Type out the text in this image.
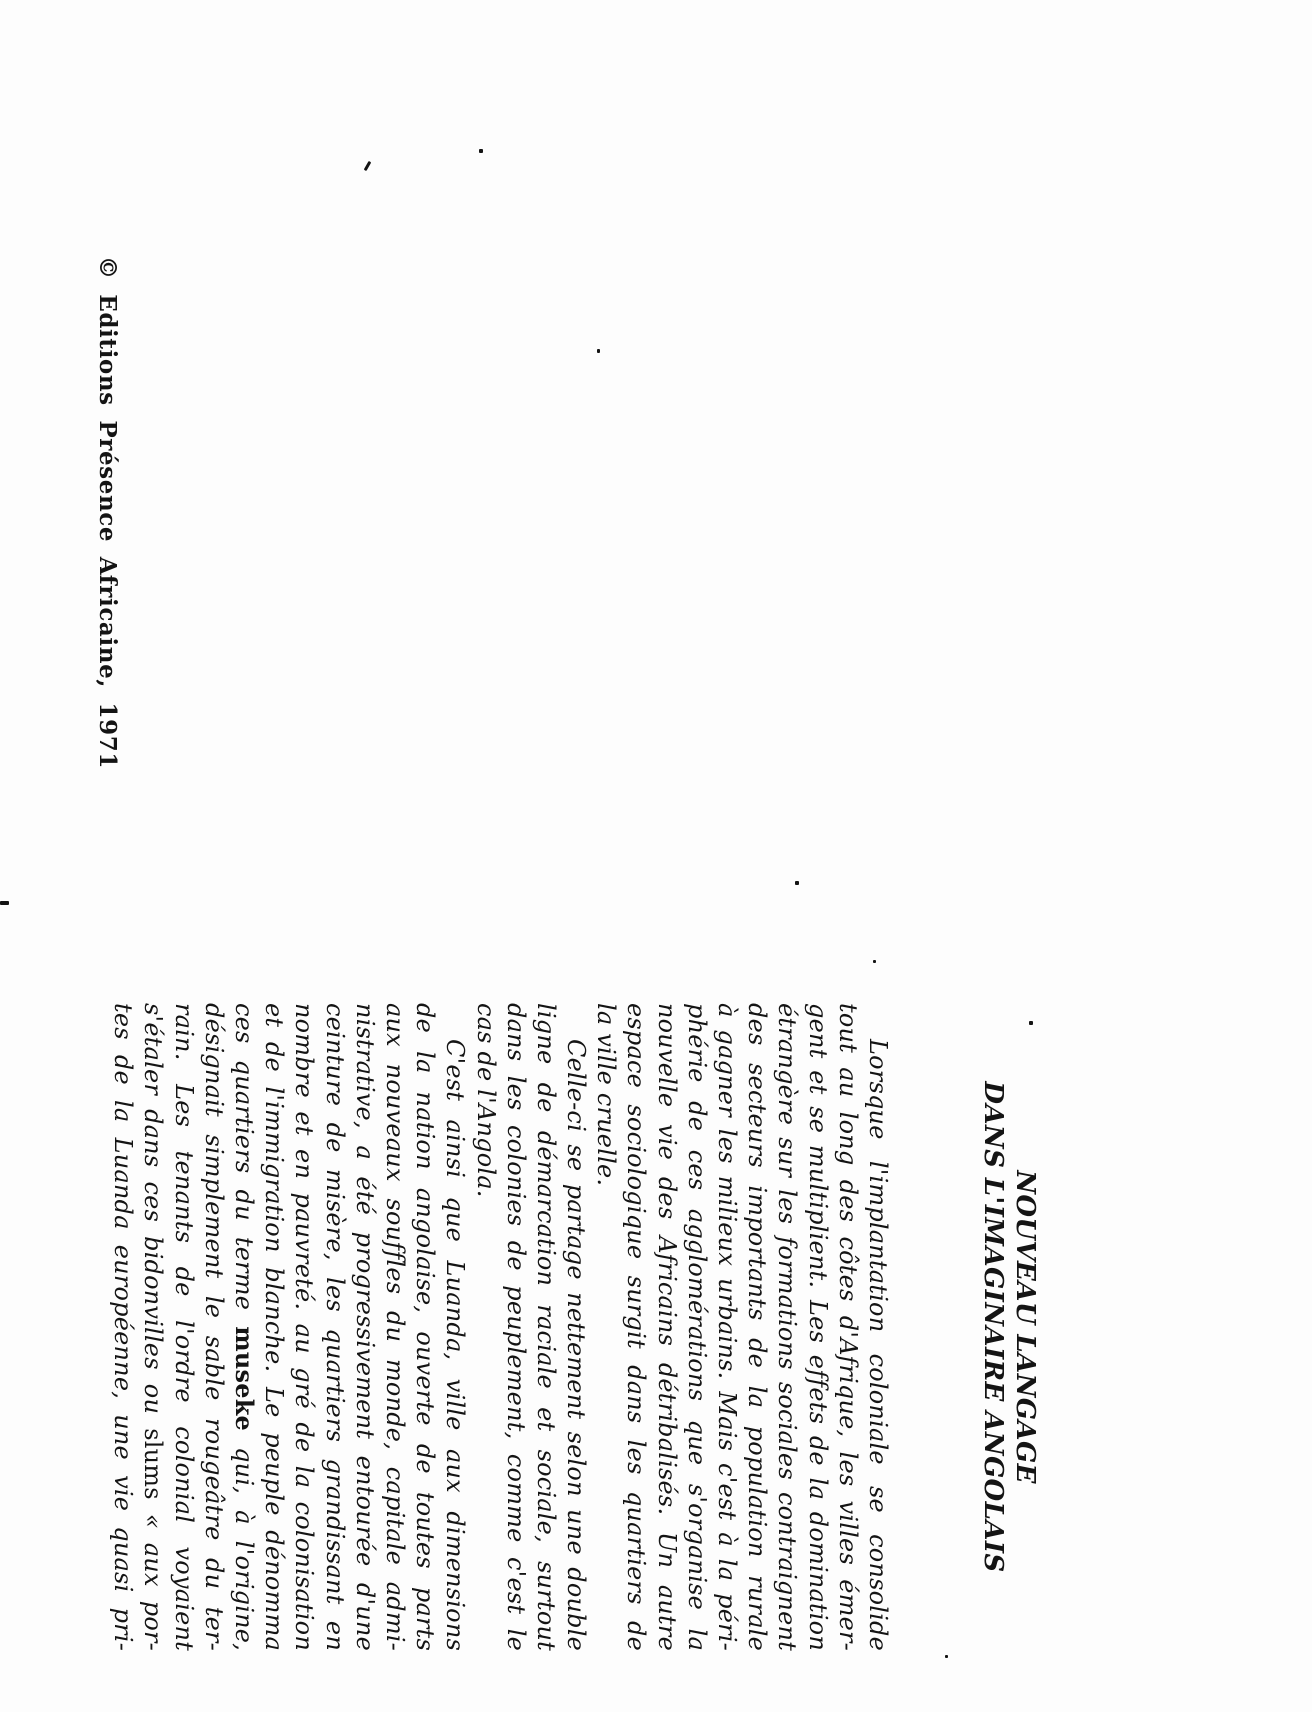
NOUVEAU LANGAGE
DANS L'IMAGINAIRE ANGOLAIS
Lorsque l'implantation coloniale se consolide
tout au long des côtes d'Afrique, les villes émer-
gent et se multiplient. Les effets de la domination
étrangère sur les formations sociales contraignent
des secteurs importants de la population rurale
à gagner les milieux urbains. Mais c'est à la péri-
phérie de ces agglomérations que s'organise la
nouvelle vie des Africains détribalisés. Un autre
espace sociologique surgit dans les quartiers de
la ville cruelle.
Celle-ci se partage nettement selon une double
ligne de démarcation raciale et sociale, surtout
dans les colonies de peuplement, comme c'est le
cas de l'Angola.
C'est ainsi que Luanda, ville aux dimensions
de la nation angolaise, ouverte de toutes parts
aux nouveaux souffles du monde, capitale admi-
nistrative, a été progressivement entourée d'une
ceinture de misère, les quartiers grandissant en
nombre et en pauvreté. au gré de la colonisation
et de l'immigration blanche. Le peuple dénomma
ces quartiers du terme museke qui, à l'origine,
désignait simplement le sable rougeâtre du ter-
rain. Les tenants de l'ordre colonial voyaient
s'étaler dans ces bidonvilles ou slums « aux por-
tes de la Luanda européenne, une vie quasi pri-
© Editions Présence Africaine, 1971
